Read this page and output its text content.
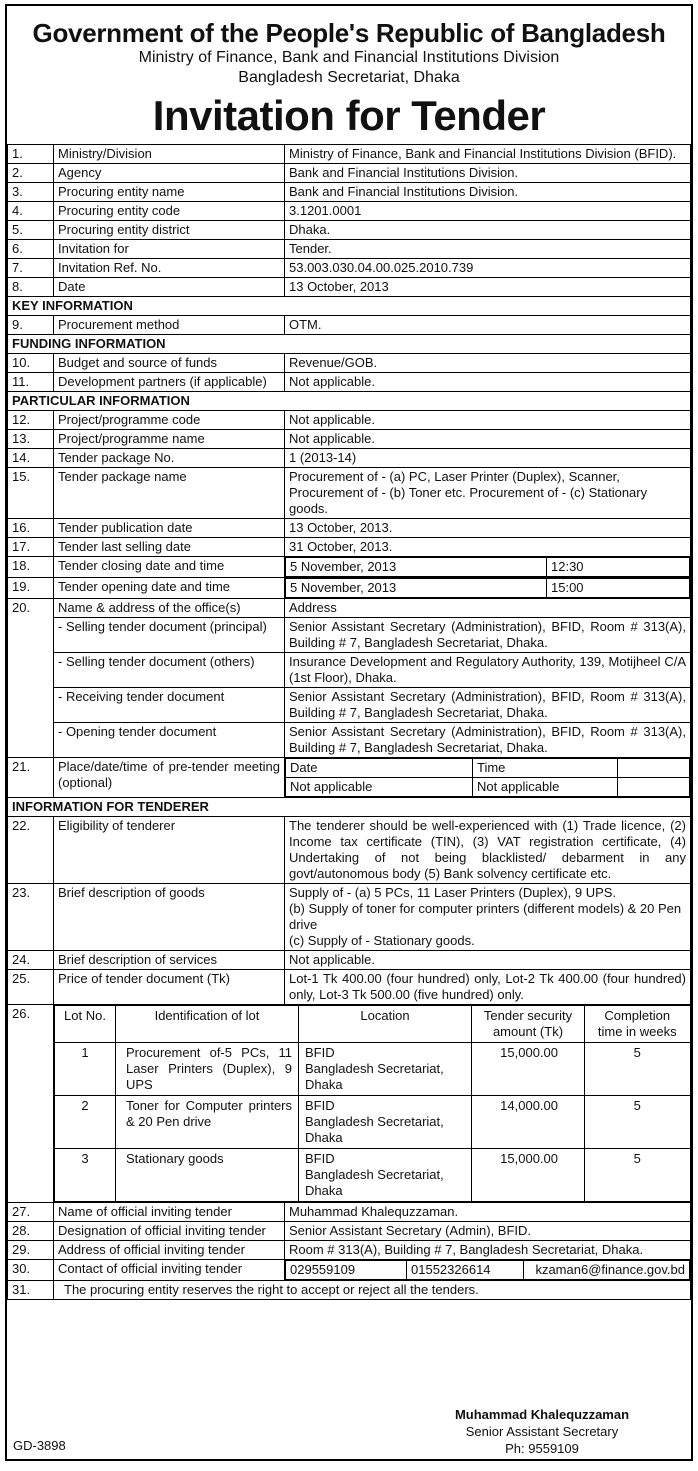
Government of the People's Republic of Bangladesh
Ministry of Finance, Bank and Financial Institutions Division
Bangladesh Secretariat, Dhaka
Invitation for Tender
1.	Ministry/Division	Ministry of Finance, Bank and Financial Institutions Division (BFID).
2.	Agency	Bank and Financial Institutions Division.
3.	Procuring entity name	Bank and Financial Institutions Division.
4.	Procuring entity code	3.1201.0001
5.	Procuring entity district	Dhaka.
6.	Invitation for	Tender.
7.	Invitation Ref. No.	53.003.030.04.00.025.2010.739
8.	Date	13 October, 2013
KEY INFORMATION
9.	Procurement method	OTM.
FUNDING INFORMATION
10.	Budget and source of funds	Revenue/GOB.
11.	Development partners (if applicable)	Not applicable.
PARTICULAR INFORMATION
12.	Project/programme code	Not applicable.
13.	Project/programme name	Not applicable.
14.	Tender package No.	1 (2013-14)
15.	Tender package name	Procurement of - (a) PC, Laser Printer (Duplex), Scanner, Procurement of - (b) Toner etc. Procurement of - (c) Stationary goods.
16.	Tender publication date	13 October, 2013.
17.	Tender last selling date	31 October, 2013.
18.	Tender closing date and time		5 November, 2013	12:30

19.	Tender opening date and time		5 November, 2013	15:00

20.	Name & address of the office(s)	Address
- Selling tender document (principal)	Senior Assistant Secretary (Administration), BFID, Room # 313(A), Building # 7, Bangladesh Secretariat, Dhaka.
- Selling tender document (others)	Insurance Development and Regulatory Authority, 139, Motijheel C/A (1st Floor), Dhaka.
- Receiving tender document	Senior Assistant Secretary (Administration), BFID, Room # 313(A), Building # 7, Bangladesh Secretariat, Dhaka.
- Opening tender document	Senior Assistant Secretary (Administration), BFID, Room # 313(A), Building # 7, Bangladesh Secretariat, Dhaka.
21.	Place/date/time of pre-tender meeting (optional)	
Date	Time	
Not applicable	Not applicable	

INFORMATION FOR TENDERER
22.	Eligibility of tenderer	The tenderer should be well-experienced with (1) Trade licence, (2) Income tax certificate (TIN), (3) VAT registration certificate, (4) Undertaking of not being blacklisted/ debarment in any govt/autonomous body (5) Bank solvency certificate etc.
23.	Brief description of goods	Supply of - (a) 5 PCs, 11 Laser Printers (Duplex), 9 UPS.
(b) Supply of toner for computer printers (different models) & 20 Pen drive
(c) Supply of - Stationary goods.

24.	Brief description of services	Not applicable.
25.	Price of tender document (Tk)	Lot-1 Tk 400.00 (four hundred) only, Lot-2 Tk 400.00 (four hundred) only, Lot-3 Tk 500.00 (five hundred) only.
26.		Lot No.	Identification of lot	Location	Tender security amount (Tk)	Completion time in weeks
1	Procurement of-5 PCs, 11 Laser Printers (Duplex), 9 UPS	
BFID
Bangladesh Secretariat, Dhaka
	15,000.00	5
2	Toner for Computer printers & 20 Pen drive	
BFID
Bangladesh Secretariat, Dhaka
	14,000.00	5
3	Stationary goods	BFID
Bangladesh Secretariat, Dhaka
	15,000.00	5

27.	Name of official inviting tender	Muhammad Khalequzzaman.
28.	Designation of official inviting tender	Senior Assistant Secretary (Admin), BFID.
29.	Address of official inviting tender	Room # 313(A), Building # 7, Bangladesh Secretariat, Dhaka.
30.	Contact of official inviting tender		029559109	01552326614	kzaman6@finance.gov.bd

31.	The procuring entity reserves the right to accept or reject all the tenders.
GD-3898
Muhammad Khalequzzaman
Senior Assistant Secretary
Ph: 9559109
